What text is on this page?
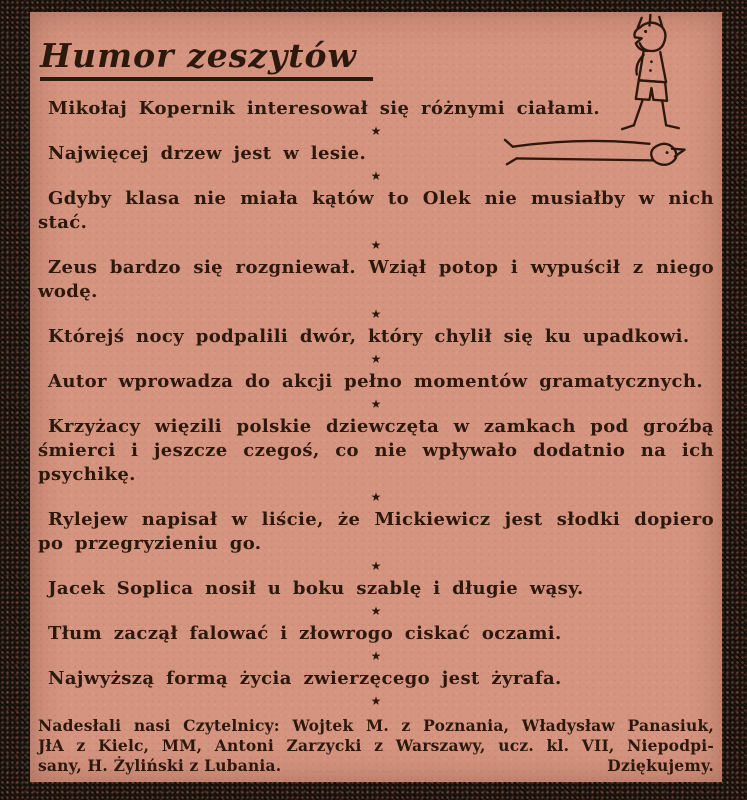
Humor zeszytów

Mikołaj Kopernik interesował się różnymi ciałami.

★

Najwięcej drzew jest w lesie.

★

Gdyby klasa nie miała kątów to Olek nie musiałby w nich stać.

★

Zeus bardzo się rozgniewał. Wziął potop i wypuścił z niego wodę.

★

Którejś nocy podpalili dwór, który chylił się ku upadkowi.

★

Autor wprowadza do akcji pełno momentów gramatycznych.

★

Krzyżacy więzili polskie dziewczęta w zamkach pod groźbą śmierci i jeszcze czegoś, co nie wpływało dodatnio na ich psychikę.

★

Rylejew napisał w liście, że Mickiewicz jest słodki dopiero po przegryzieniu go.

★

Jacek Soplica nosił u boku szablę i długie wąsy.

★

Tłum zaczął falować i złowrogo ciskać oczami.

★

Najwyższą formą życia zwierzęcego jest żyrafa.

★
Nadesłali nasi Czytelnicy: Wojtek M. z Poznania, Władysław Panasiuk,
JłA z Kielc, MM, Antoni Zarzycki z Warszawy, ucz. kl. VII, Niepodpi-
sany, H. Żyliński z Lubania.	Dziękujemy.
